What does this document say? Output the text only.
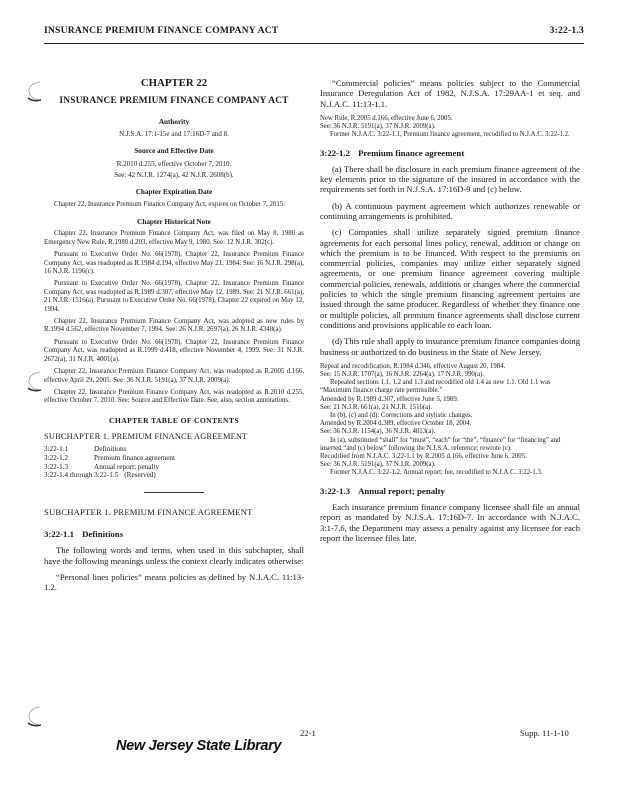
INSURANCE PREMIUM FINANCE COMPANY ACT	3:22-1.3
CHAPTER 22
INSURANCE PREMIUM FINANCE COMPANY ACT
Authority
N.J.S.A. 17:1-15e and 17:16D-7 and 8.
Source and Effective Date
R.2010 d.255, effective October 7, 2010.
See: 42 N.J.R. 1274(a), 42 N.J.R. 2608(b).
Chapter Expiration Date

Chapter 22, Insurance Premium Finance Company Act, expires on October 7, 2015.

Chapter Historical Note

Chapter 22, Insurance Premium Finance Company Act, was filed on May 8, 1980 as Emergency New Rule, R.1980 d.203, effective May 9, 1980. See: 12 N.J.R. 302(c).

Pursuant to Executive Order No. 66(1978), Chapter 22, Insurance Premium Finance Company Act, was readopted as R.1984 d.194, effective May 21, 1984. See: 16 N.J.R. 298(a), 16 N.J.R. 1196(c).

Pursuant to Executive Order No. 66(1978), Chapter 22, Insurance Premium Finance Company Act, was readopted as R.1989 d.307, effective May 12, 1989. See: 21 N.J.R. 661(a), 21 N.J.R. 1516(a). Pursuant to Executive Order No. 66(1978), Chapter 22 expired on May 12, 1994.

Chapter 22, Insurance Premium Finance Company Act, was adopted as new rules by R.1994 d.562, effective November 7, 1994. See: 26 N.J.R. 2697(a), 26 N.J.R. 4348(a).

Pursuant to Executive Order No. 66(1978), Chapter 22, Insurance Premium Finance Company Act, was readopted as R.1999 d.418, effective November 4, 1999. See: 31 N.J.R. 2672(a), 31 N.J.R. 4001(a).

Chapter 22, Insurance Premium Finance Company Act, was readopted as R.2005 d.166, effective April 29, 2005. See: 36 N.J.R. 5191(a), 37 N.J.R. 2009(a).

Chapter 22, Insurance Premium Finance Company Act, was readopted as R.2010 d.255, effective October 7, 2010. See: Source and Effective Date. See, also, section annotations.

CHAPTER TABLE OF CONTENTS
SUBCHAPTER 1. PREMIUM FINANCE AGREEMENT
3:22-1.1	Definitions
3:22-1.2	Premium finance agreement
3:22-1.3	Annual report; penalty
3:22-1.4 through 3:22-1.5 (Reserved)
SUBCHAPTER 1. PREMIUM FINANCE AGREEMENT
3:22-1.1 Definitions

The following words and terms, when used in this subchapter, shall have the following meanings unless the context clearly indicates otherwise:

“Personal lines policies” means policies as defined by N.J.A.C. 11:13-1.2.

“Commercial policies” means policies subject to the Commercial Insurance Deregulation Act of 1982, N.J.S.A. 17:29AA-1 et seq. and N.J.A.C. 11:13-1.1.

New Rule, R.2005 d.166, effective June 6, 2005.
See: 36 N.J.R. 5191(a), 37 N.J.R. 2009(a).
Former N.J.A.C. 3:22-1.1, Premium finance agreement, recodified to N.J.A.C. 3:22-1.2.
3:22-1.2 Premium finance agreement

(a) There shall be disclosure in each premium finance agreement of the key elements prior to the signature of the insured in accordance with the requirements set forth in N.J.S.A. 17:16D-9 and (c) below.

(b) A continuous payment agreement which authorizes renewable or continuing arrangements is prohibited.

(c) Companies shall utilize separately signed premium finance agreements for each personal lines policy, renewal, addition or change on which the premium is to be financed. With respect to the premiums on commercial policies, companies may utilize either separately signed agreements, or one premium finance agreement covering multiple commercial policies, renewals, additions or changes where the commercial policies to which the single premium financing agreement pertains are issued through the same producer. Regardless of whether they finance one or multiple policies, all premium finance agreements shall disclose current conditions and provisions applicable to each loan.

(d) This rule shall apply to insurance premium finance companies doing business or authorized to do business in the State of New Jersey.

Repeal and recodification, R.1984 d.346, effective August 20, 1984.
See: 15 N.J.R. 1707(a), 16 N.J.R. 2264(a), 17 N.J.R. 990(a).
Repealed sections 1.1, 1.2 and 1.3 and recodified old 1.4 as new 1.1. Old 1.1 was “Maximum finance charge rate permissible.”
Amended by R.1989 d.307, effective June 5, 1989.
See: 21 N.J.R. 661(a), 21 N.J.R. 1516(a).
In (b), (c) and (d): Corrections and stylistic changes.
Amended by R.2004 d.389, effective October 18, 2004.
See: 36 N.J.R. 1154(a), 36 N.J.R. 4813(a).
In (a), substituted “shall” for “must”, “each” for “the”, “finance” for “financing” and inserted “and (c) below” following the N.J.S.A. reference; rewrote (c).
Recodified from N.J.A.C. 3:22-1.1 by R.2005 d.166, effective June 6, 2005.
See: 36 N.J.R. 5191(a), 37 N.J.R. 2009(a).
Former N.J.A.C. 3:22-1.2, Annual report; fee, recodified to N.J.A.C. 3:22-1.3.
3:22-1.3 Annual report; penalty

Each insurance premium finance company licensee shall file an annual report as mandated by N.J.S.A. 17:16D-7. In accordance with N.J.A.C. 3:1-7.6, the Department may assess a penalty against any licensee for each report the licensee files late.

22-1	Supp. 11-1-10
New Jersey State Library
